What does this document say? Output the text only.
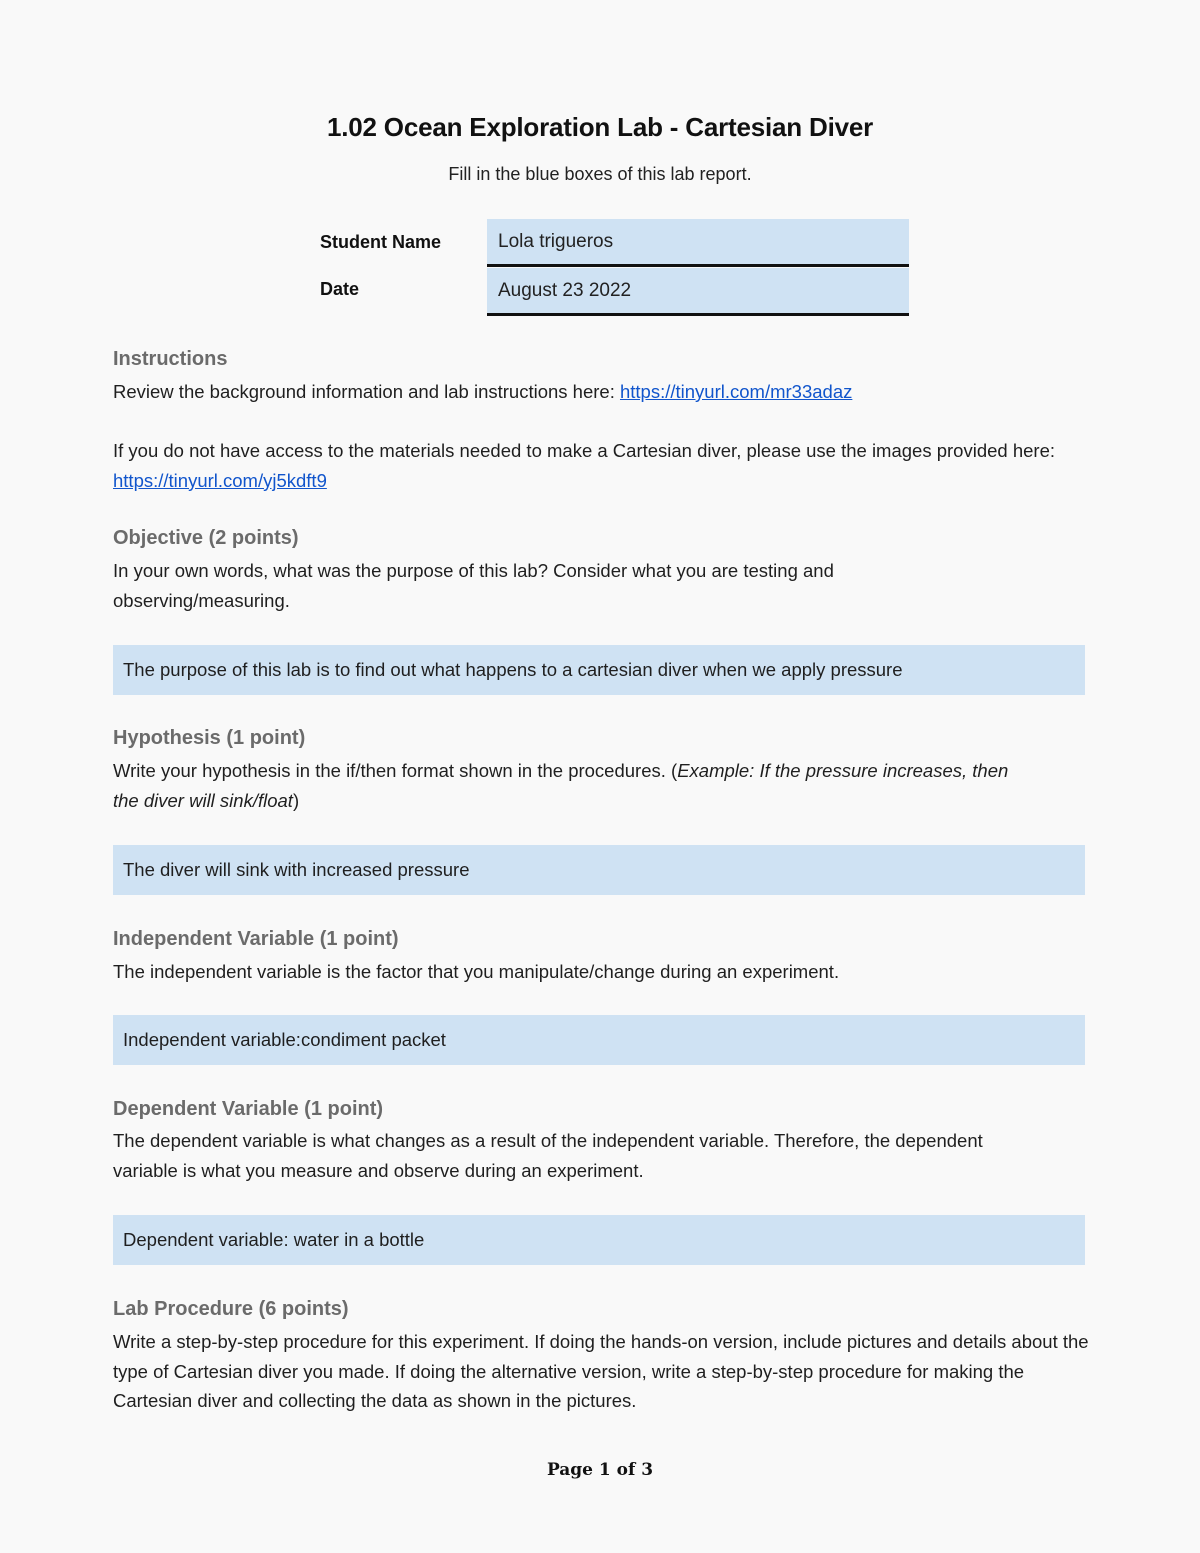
1.02 Ocean Exploration Lab - Cartesian Diver
Fill in the blue boxes of this lab report.
Student Name	Lola trigueros
Date	August 23 2022
Instructions
Review the background information and lab instructions here: https://tinyurl.com/mr33adaz
If you do not have access to the materials needed to make a Cartesian diver, please use the images provided here: https://tinyurl.com/yj5kdft9
Objective (2 points)
In your own words, what was the purpose of this lab? Consider what you are testing and observing/measuring.
The purpose of this lab is to find out what happens to a cartesian diver when we apply pressure
Hypothesis (1 point)
Write your hypothesis in the if/then format shown in the procedures. (Example: If the pressure increases, then the diver will sink/float)
The diver will sink with increased pressure
Independent Variable (1 point)
The independent variable is the factor that you manipulate/change during an experiment.
Independent variable:condiment packet
Dependent Variable (1 point)
The dependent variable is what changes as a result of the independent variable. Therefore, the dependent variable is what you measure and observe during an experiment.
Dependent variable: water in a bottle
Lab Procedure (6 points)
Write a step-by-step procedure for this experiment. If doing the hands-on version, include pictures and details about the type of Cartesian diver you made. If doing the alternative version, write a step-by-step procedure for making the Cartesian diver and collecting the data as shown in the pictures.
Page 1 of 3
